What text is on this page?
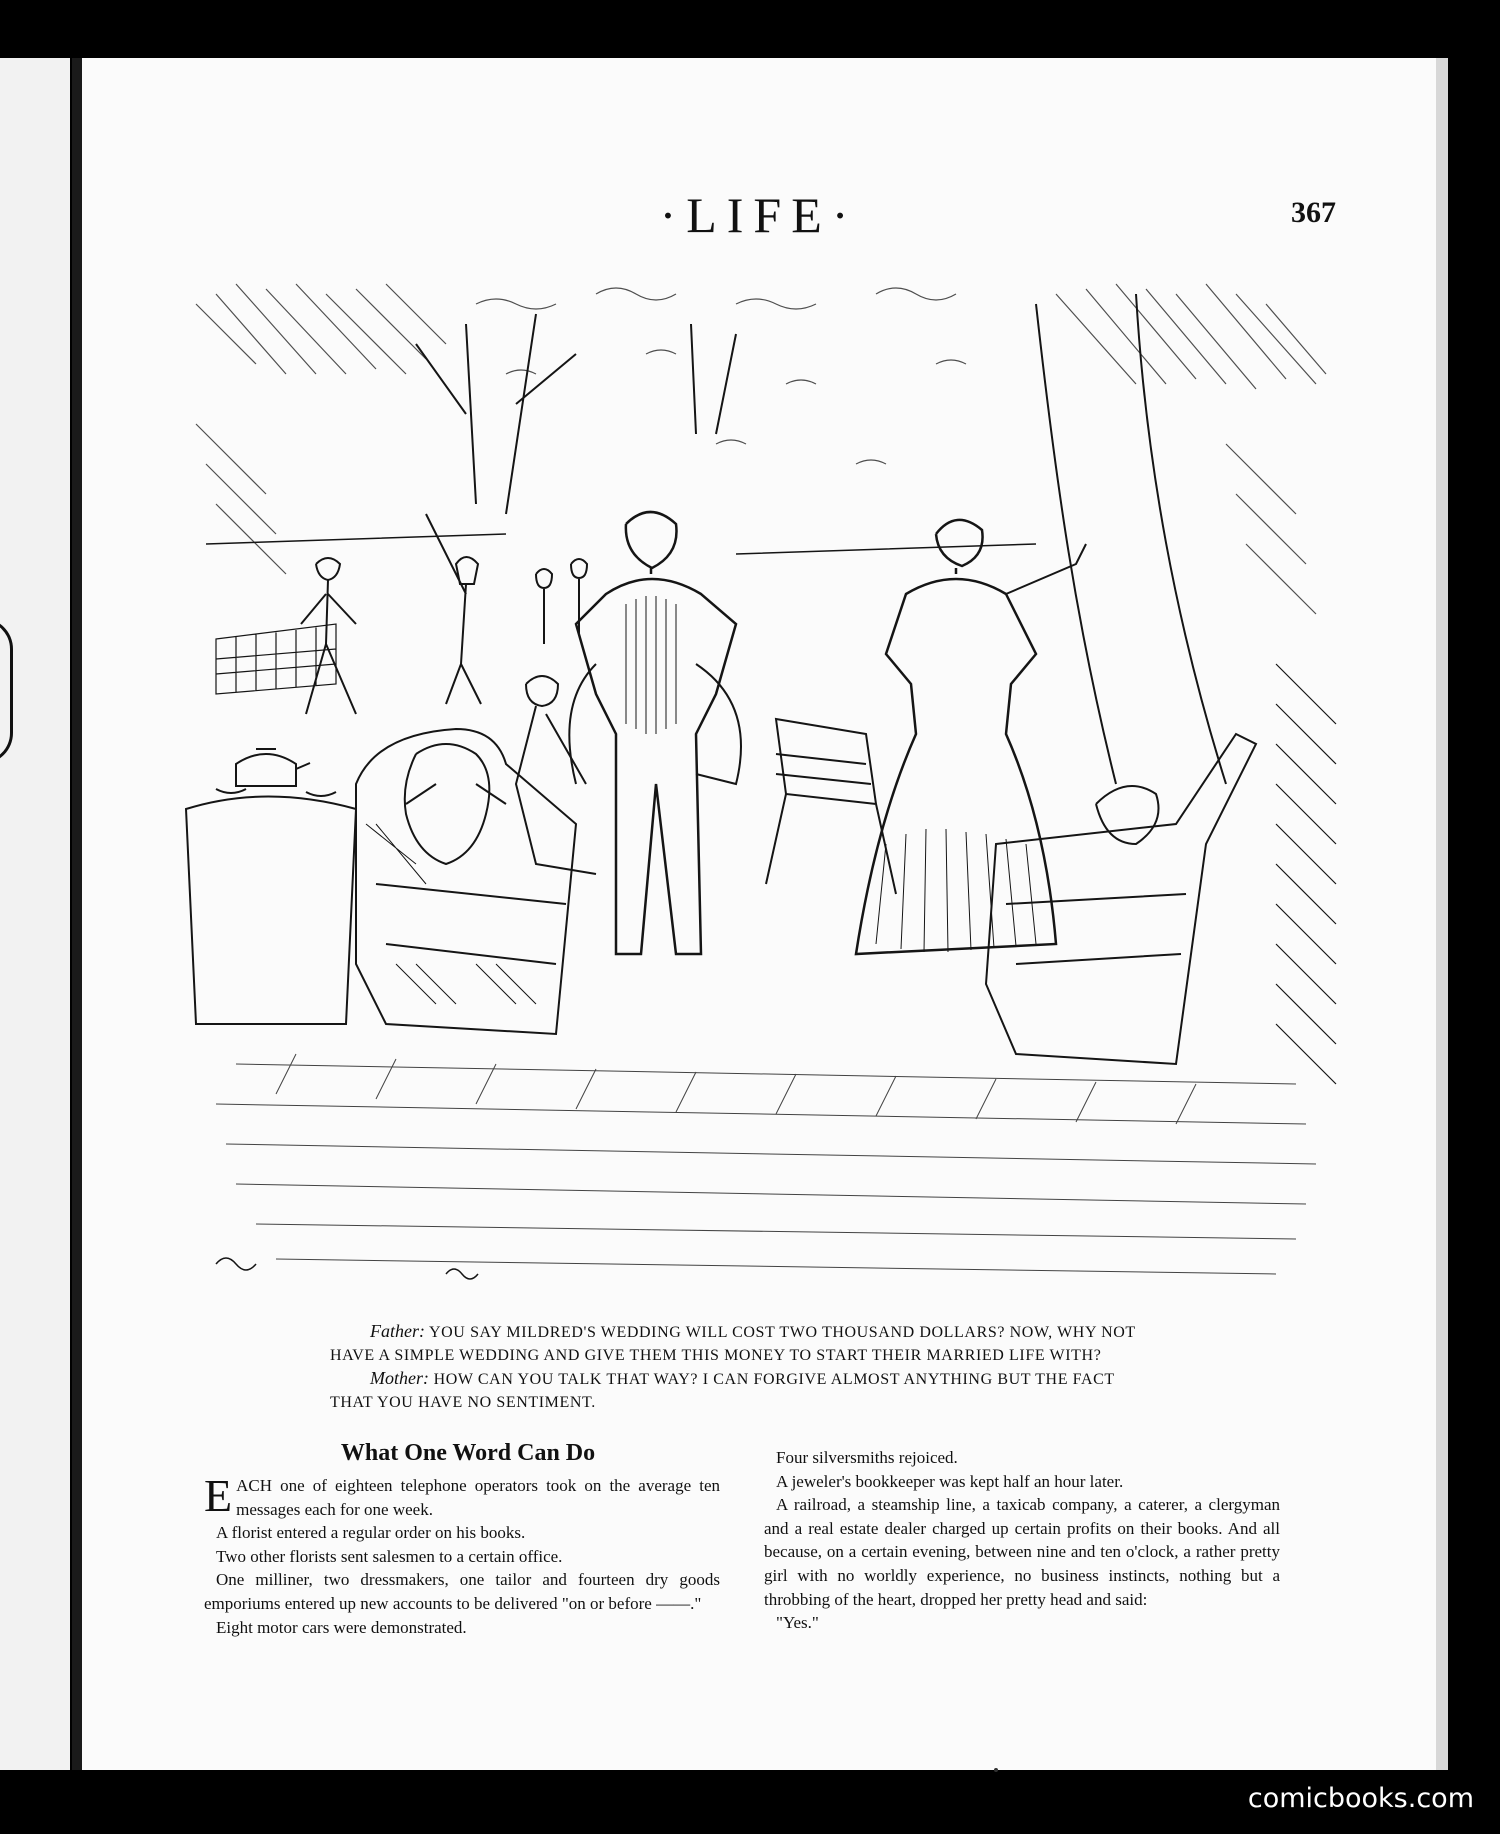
·LIFE·	367
Father: YOU SAY MILDRED'S WEDDING WILL COST TWO THOUSAND DOLLARS? NOW, WHY NOT
HAVE A SIMPLE WEDDING AND GIVE THEM THIS MONEY TO START THEIR MARRIED LIFE WITH?
Mother: HOW CAN YOU TALK THAT WAY? I CAN FORGIVE ALMOST ANYTHING BUT THE FACT
THAT YOU HAVE NO SENTIMENT.
What One Word Can Do

EACH one of eighteen telephone operators took on the average ten messages each for one week.

A florist entered a regular order on his books.

Two other florists sent salesmen to a certain office.

One milliner, two dressmakers, one tailor and fourteen dry goods emporiums entered up new accounts to be delivered "on or before ——."

Eight motor cars were demonstrated.

Four silversmiths rejoiced.

A jeweler's bookkeeper was kept half an hour later.

A railroad, a steamship line, a taxicab company, a caterer, a clergyman and a real estate dealer charged up certain profits on their books. And all because, on a certain evening, between nine and ten o'clock, a rather pretty girl with no worldly experience, no business instincts, nothing but a throbbing of the heart, dropped her pretty head and said:

"Yes."

comicbooks.com
